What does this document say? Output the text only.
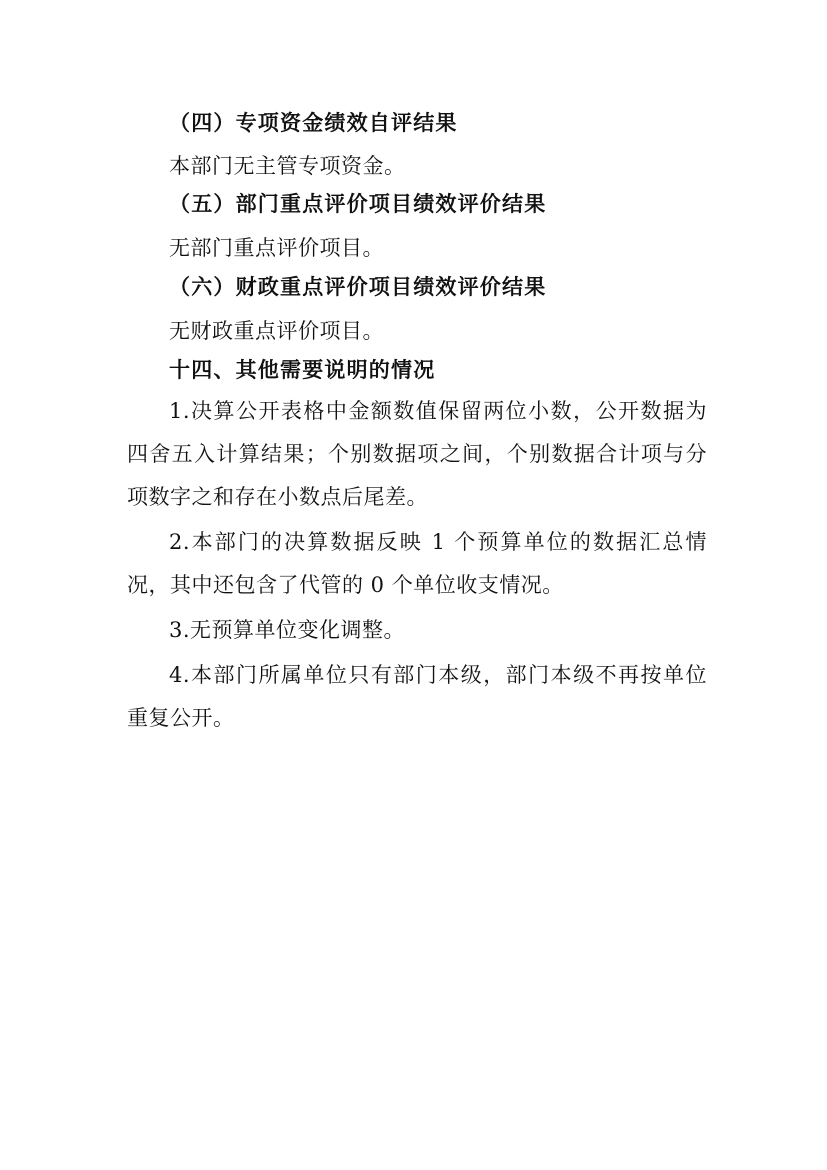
（四）专项资金绩效自评结果
本部门无主管专项资金。
（五）部门重点评价项目绩效评价结果
无部门重点评价项目。
（六）财政重点评价项目绩效评价结果
无财政重点评价项目。
十四、其他需要说明的情况
1.决算公开表格中金额数值保留两位小数，公开数据为
四舍五入计算结果；个别数据项之间，个别数据合计项与分
项数字之和存在小数点后尾差。
2.本部门的决算数据反映 1 个预算单位的数据汇总情
况，其中还包含了代管的 0 个单位收支情况。
3.无预算单位变化调整。
4.本部门所属单位只有部门本级，部门本级不再按单位
重复公开。
